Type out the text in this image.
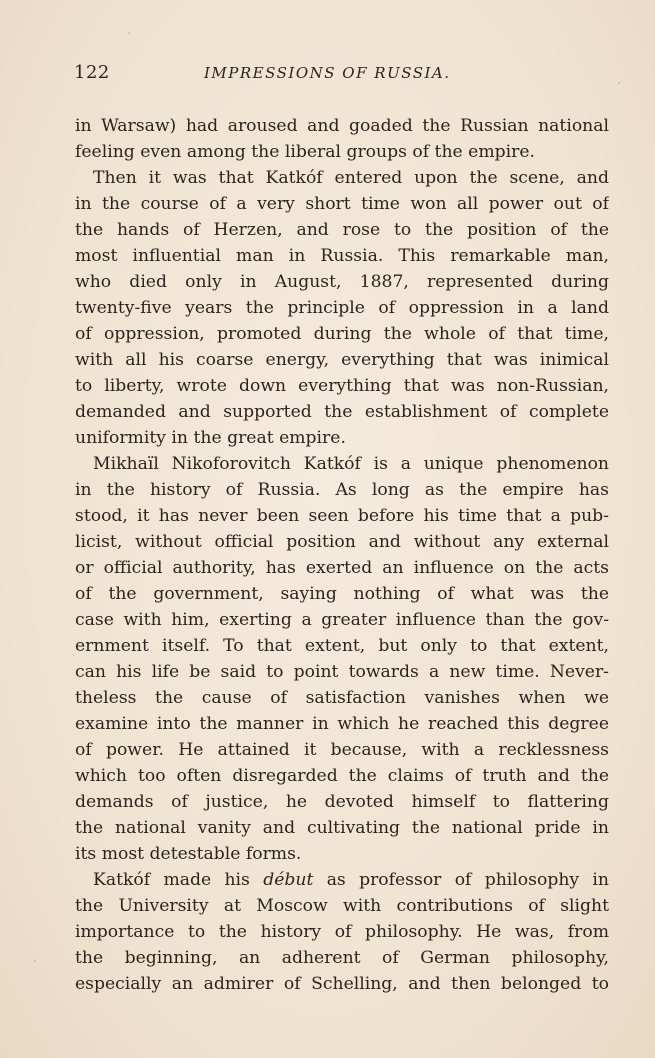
122	IMPRESSIONS OF RUSSIA.
in Warsaw) had aroused and goaded the Russian national
feeling even among the liberal groups of the empire.
Then it was that Katkóf entered upon the scene, and
in the course of a very short time won all power out of
the hands of Herzen, and rose to the position of the
most influential man in Russia. This remarkable man,
who died only in August, 1887, represented during
twenty-five years the principle of oppression in a land
of oppression, promoted during the whole of that time,
with all his coarse energy, everything that was inimical
to liberty, wrote down everything that was non-Russian,
demanded and supported the establishment of complete
uniformity in the great empire.
Mikhaïl Nikoforovitch Katkóf is a unique phenomenon
in the history of Russia. As long as the empire has
stood, it has never been seen before his time that a pub-
licist, without official position and without any external
or official authority, has exerted an influence on the acts
of the government, saying nothing of what was the
case with him, exerting a greater influence than the gov-
ernment itself. To that extent, but only to that extent,
can his life be said to point towards a new time. Never-
theless the cause of satisfaction vanishes when we
examine into the manner in which he reached this degree
of power. He attained it because, with a recklessness
which too often disregarded the claims of truth and the
demands of justice, he devoted himself to flattering
the national vanity and cultivating the national pride in
its most detestable forms.
Katkóf made his début as professor of philosophy in
the University at Moscow with contributions of slight
importance to the history of philosophy. He was, from
the beginning, an adherent of German philosophy,
especially an admirer of Schelling, and then belonged to
